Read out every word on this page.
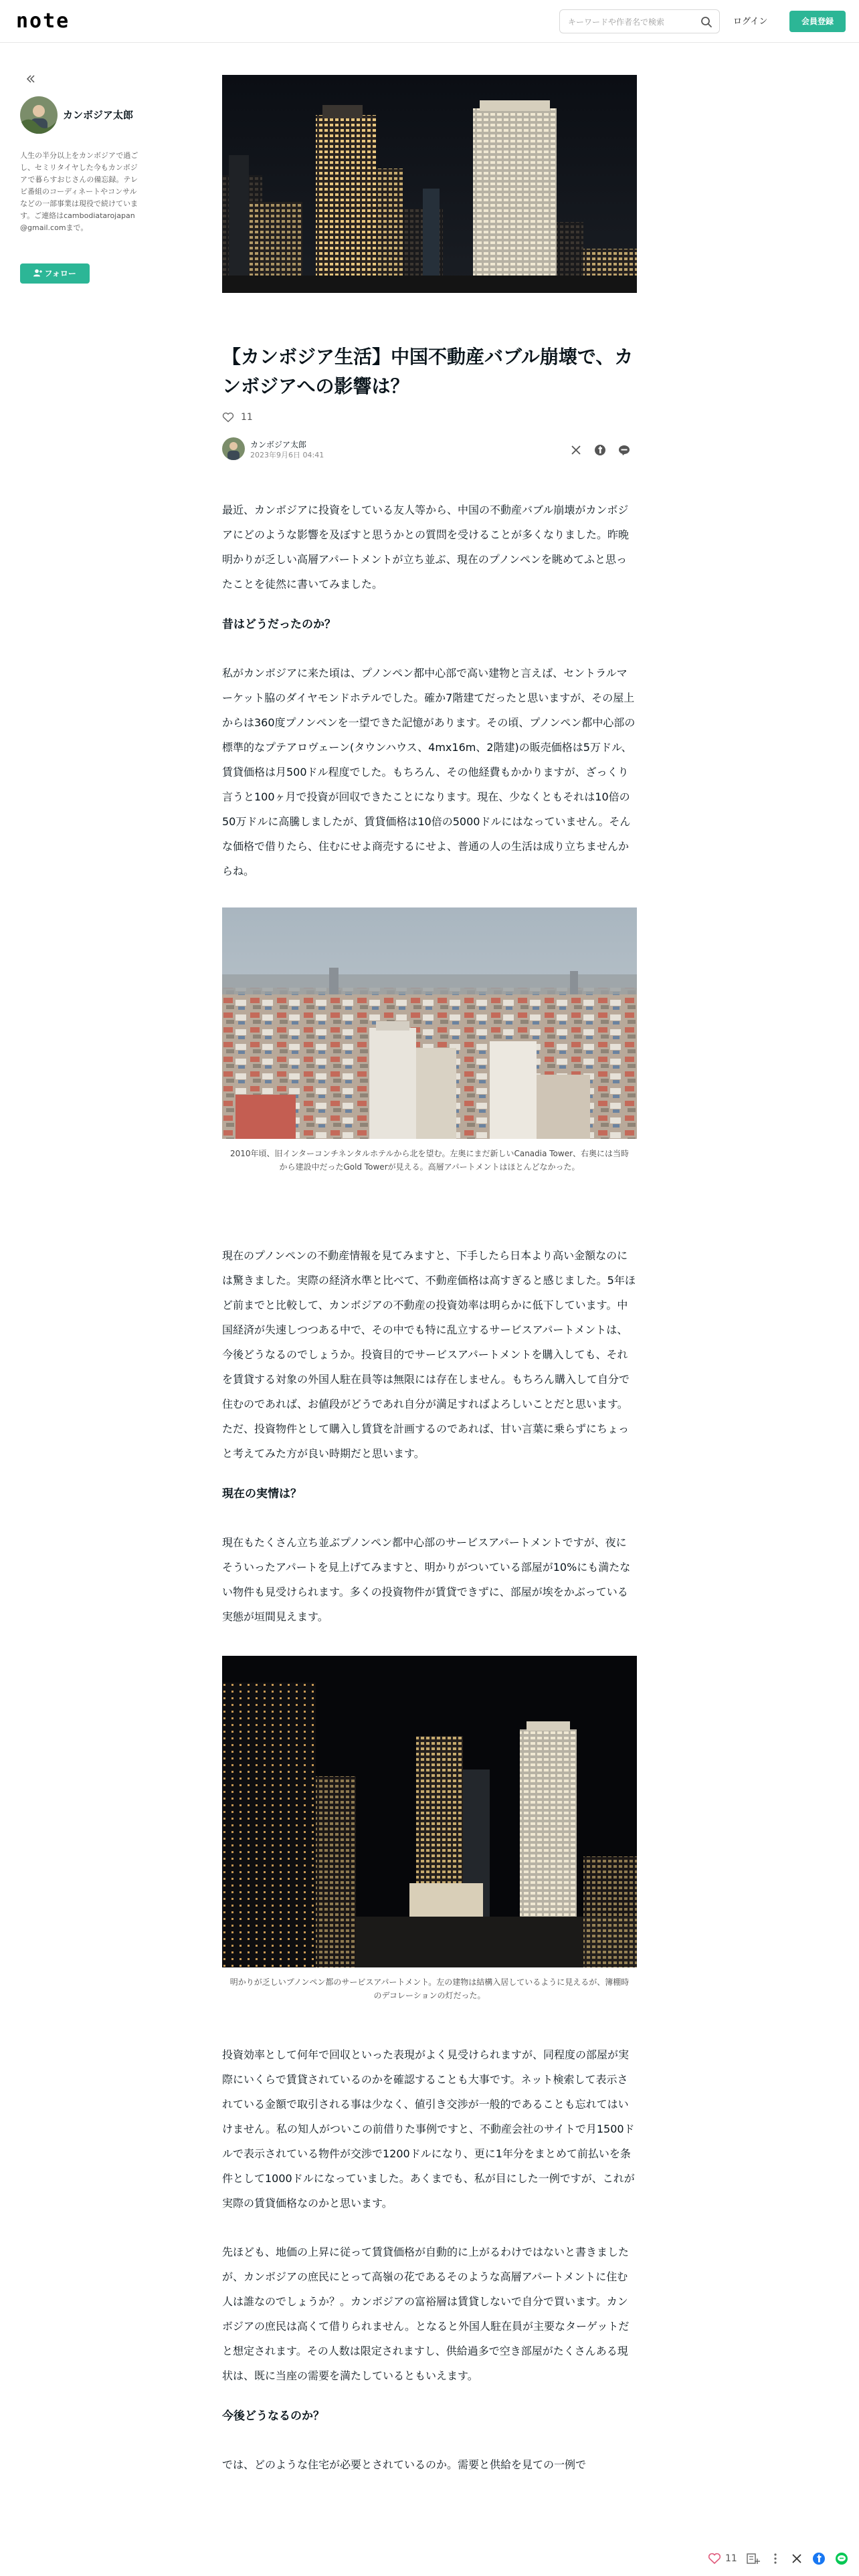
note
キーワードや作者名で検索	ログイン	会員登録
カンボジア太郎
人生の半分以上をカンボジアで過ごし、セミリタイヤした今もカンボジアで暮らすおじさんの備忘録。テレビ番組のコーディネートやコンサルなどの一部事業は現役で続けています。ご連絡はcambodiatarojapan@gmail.comまで。
フォロー
【カンボジア生活】中国不動産バブル崩壊で、カンボジアへの影響は？
11
カンボジア太郎
2023年9月6日 04:41
最近、カンボジアに投資をしている友人等から、中国の不動産バブル崩壊がカンボジアにどのような影響を及ぼすと思うかとの質問を受けることが多くなりました。昨晩明かりが乏しい高層アパートメントが立ち並ぶ、現在のプノンペンを眺めてふと思ったことを徒然に書いてみました。
昔はどうだったのか？
私がカンボジアに来た頃は、プノンペン都中心部で高い建物と言えば、セントラルマーケット脇のダイヤモンドホテルでした。確か7階建てだったと思いますが、その屋上からは360度プノンペンを一望できた記憶があります。その頃、プノンペン都中心部の標準的なプテアロヴェーン(タウンハウス、4mx16m、2階建)の販売価格は5万ドル、賃貸価格は月500ドル程度でした。もちろん、その他経費もかかりますが、ざっくり言うと100ヶ月で投資が回収できたことになります。現在、少なくともそれは10倍の50万ドルに高騰しましたが、賃貸価格は10倍の5000ドルにはなっていません。そんな価格で借りたら、住むにせよ商売するにせよ、普通の人の生活は成り立ちませんからね。
2010年頃、旧インターコンチネンタルホテルから北を望む。左奥にまだ新しいCanadia Tower、右奥には当時から建設中だったGold Towerが見える。高層アパートメントはほとんどなかった。
現在のプノンペンの不動産情報を見てみますと、下手したら日本より高い金額なのには驚きました。実際の経済水準と比べて、不動産価格は高すぎると感じました。5年ほど前までと比較して、カンボジアの不動産の投資効率は明らかに低下しています。中国経済が失速しつつある中で、その中でも特に乱立するサービスアパートメントは、今後どうなるのでしょうか。投資目的でサービスアパートメントを購入しても、それを賃貸する対象の外国人駐在員等は無限には存在しません。もちろん購入して自分で住むのであれば、お値段がどうであれ自分が満足すればよろしいことだと思います。ただ、投資物件として購入し賃貸を計画するのであれば、甘い言葉に乗らずにちょっと考えてみた方が良い時期だと思います。
現在の実情は？
現在もたくさん立ち並ぶプノンペン都中心部のサービスアパートメントですが、夜にそういったアパートを見上げてみますと、明かりがついている部屋が10%にも満たない物件も見受けられます。多くの投資物件が賃貸できずに、部屋が埃をかぶっている実態が垣間見えます。
明かりが乏しいプノンペン都のサービスアパートメント。左の建物は結構入居しているように見えるが、簿棚時のデコレーションの灯だった。
投資効率として何年で回収といった表現がよく見受けられますが、同程度の部屋が実際にいくらで賃貸されているのかを確認することも大事です。ネット検索して表示されている金額で取引される事は少なく、値引き交渉が一般的であることも忘れてはいけません。私の知人がついこの前借りた事例ですと、不動産会社のサイトで月1500ドルで表示されている物件が交渉で1200ドルになり、更に1年分をまとめて前払いを条件として1000ドルになっていました。あくまでも、私が目にした一例ですが、これが実際の賃貸価格なのかと思います。
先ほども、地価の上昇に従って賃貸価格が自動的に上がるわけではないと書きましたが、カンボジアの庶民にとって高嶺の花であるそのような高層アパートメントに住む人は誰なのでしょうか？。カンボジアの富裕層は賃貸しないで自分で買います。カンボジアの庶民は高くて借りられません。となると外国人駐在員が主要なターゲットだと想定されます。その人数は限定されますし、供給過多で空き部屋がたくさんある現状は、既に当座の需要を満たしているともいえます。
今後どうなるのか？
では、どのような住宅が必要とされているのか。需要と供給を見ての一例で
11
